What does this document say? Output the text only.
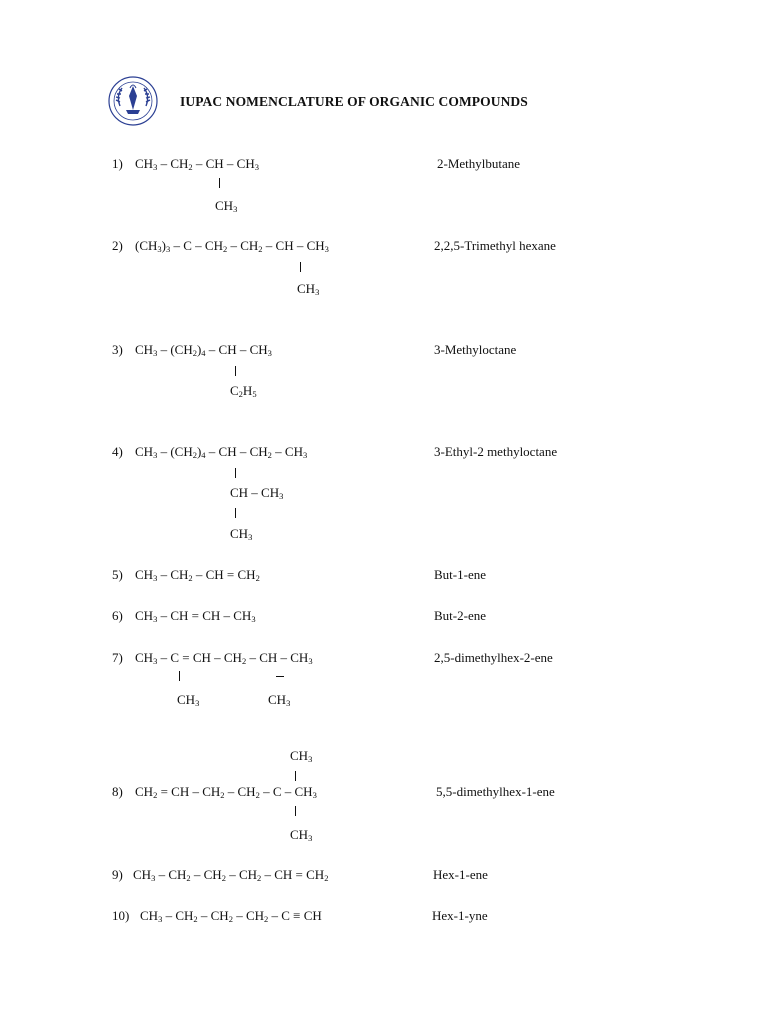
IUPAC NOMENCLATURE OF ORGANIC COMPOUNDS
1) $CH_3 - CH_2$ – CH – $CH_3$
$CH_3$
2-Methylbutane
2) $(CH_3)_3$ – C – $CH_2 - CH_2$ – CH – $CH_3$
$CH_3$
2,2,5-Trimethyl hexane
3) $CH_3 - (CH_2)_4$ – CH – $CH_3$
$C_2H_5$
3-Methyloctane
4) $CH_3 - (CH_2)_4$ – CH – $CH_2 - CH_3$
CH – $CH_3$
$CH_3$
3-Ethyl-2 methyloctane
5) $CH_3 - CH_2$ – CH = $CH_2$	But-1-ene
6) $CH_3$ – CH = CH – $CH_3$	But-2-ene
7) $CH_3$ – C = CH – $CH_2$ – CH – $CH_3$
$CH_3$	$CH_3$
2,5-dimethylhex-2-ene
$CH_3$
8) $CH_2$ = CH – $CH_2 - CH_2$ – C – $CH_3$
$CH_3$
5,5-dimethylhex-1-ene
9) $CH_3 - CH_2 - CH_2 - CH_2$ – CH = $CH_2$	Hex-1-ene
10) $CH_3 - CH_2 - CH_2 - CH_2$ – C ≡ CH	Hex-1-yne
